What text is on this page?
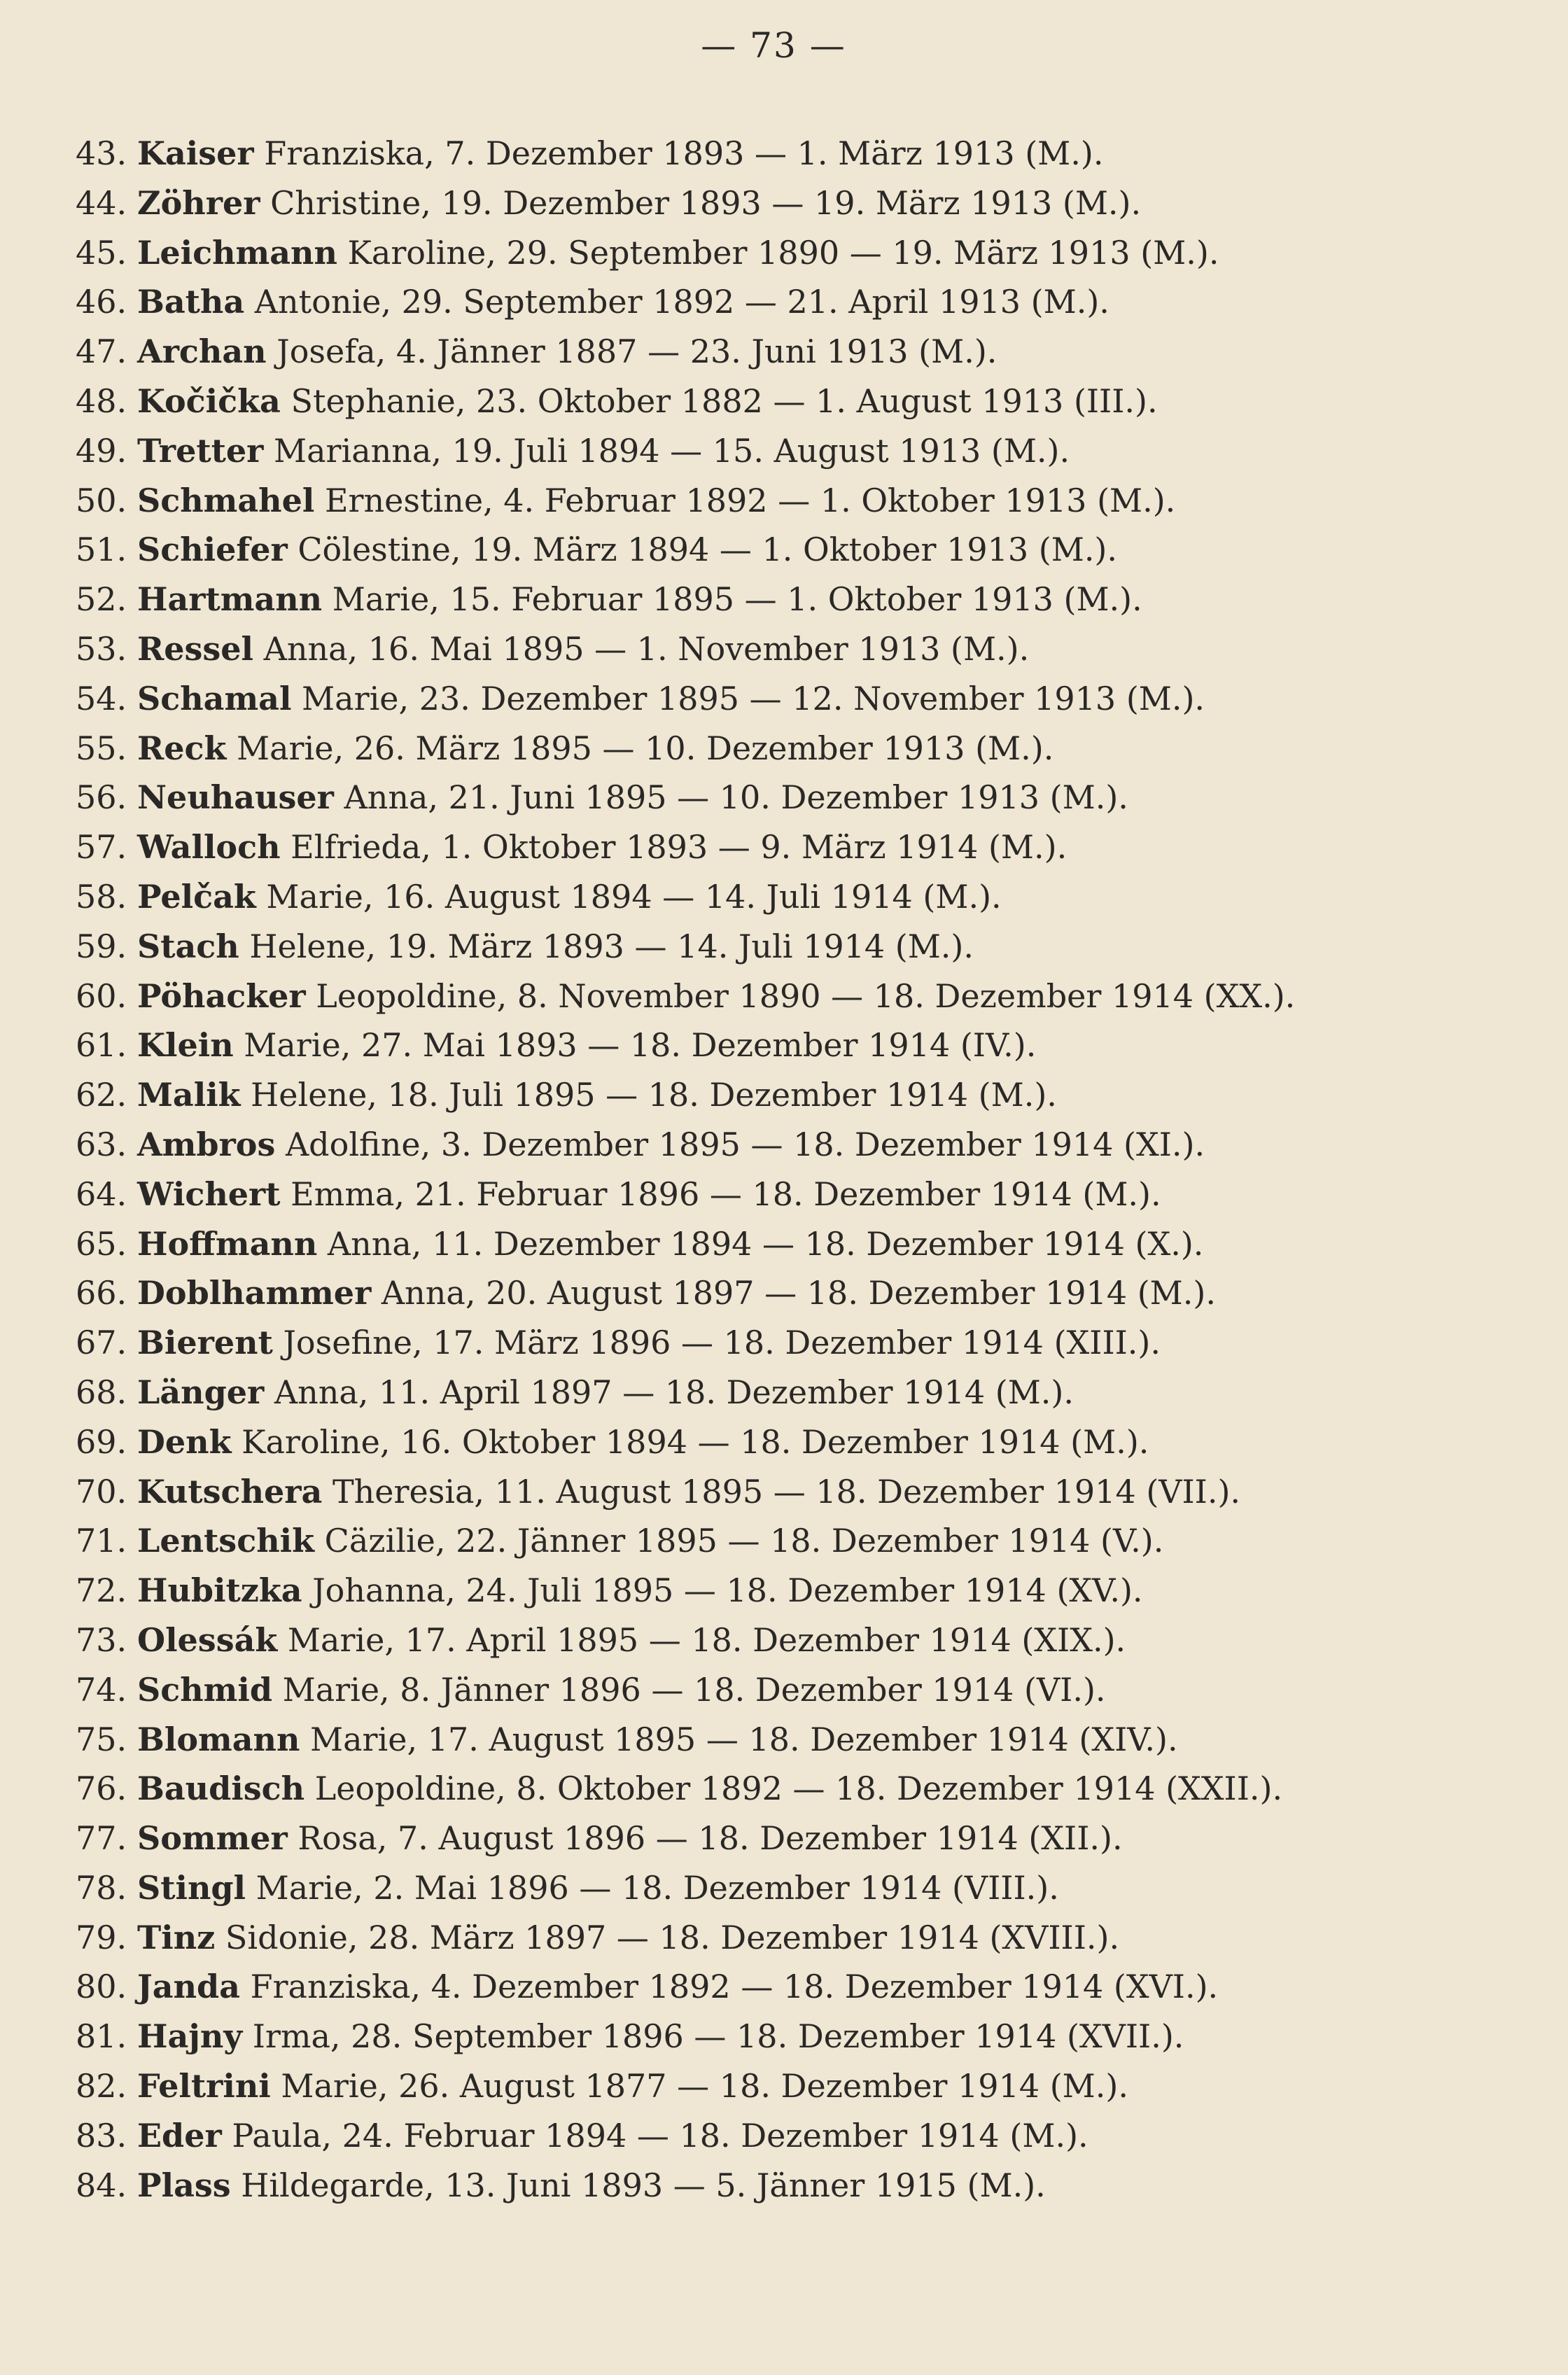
— 73 —
43. Kaiser Franziska, 7. Dezember 1893 — 1. März 1913 (M.).
44. Zöhrer Christine, 19. Dezember 1893 — 19. März 1913 (M.).
45. Leichmann Karoline, 29. September 1890 — 19. März 1913 (M.).
46. Batha Antonie, 29. September 1892 — 21. April 1913 (M.).
47. Archan Josefa, 4. Jänner 1887 — 23. Juni 1913 (M.).
48. Kočička Stephanie, 23. Oktober 1882 — 1. August 1913 (III.).
49. Tretter Marianna, 19. Juli 1894 — 15. August 1913 (M.).
50. Schmahel Ernestine, 4. Februar 1892 — 1. Oktober 1913 (M.).
51. Schiefer Cölestine, 19. März 1894 — 1. Oktober 1913 (M.).
52. Hartmann Marie, 15. Februar 1895 — 1. Oktober 1913 (M.).
53. Ressel Anna, 16. Mai 1895 — 1. November 1913 (M.).
54. Schamal Marie, 23. Dezember 1895 — 12. November 1913 (M.).
55. Reck Marie, 26. März 1895 — 10. Dezember 1913 (M.).
56. Neuhauser Anna, 21. Juni 1895 — 10. Dezember 1913 (M.).
57. Walloch Elfrieda, 1. Oktober 1893 — 9. März 1914 (M.).
58. Pelčak Marie, 16. August 1894 — 14. Juli 1914 (M.).
59. Stach Helene, 19. März 1893 — 14. Juli 1914 (M.).
60. Pöhacker Leopoldine, 8. November 1890 — 18. Dezember 1914 (XX.).
61. Klein Marie, 27. Mai 1893 — 18. Dezember 1914 (IV.).
62. Malik Helene, 18. Juli 1895 — 18. Dezember 1914 (M.).
63. Ambros Adolfine, 3. Dezember 1895 — 18. Dezember 1914 (XI.).
64. Wichert Emma, 21. Februar 1896 — 18. Dezember 1914 (M.).
65. Hoffmann Anna, 11. Dezember 1894 — 18. Dezember 1914 (X.).
66. Doblhammer Anna, 20. August 1897 — 18. Dezember 1914 (M.).
67. Bierent Josefine, 17. März 1896 — 18. Dezember 1914 (XIII.).
68. Länger Anna, 11. April 1897 — 18. Dezember 1914 (M.).
69. Denk Karoline, 16. Oktober 1894 — 18. Dezember 1914 (M.).
70. Kutschera Theresia, 11. August 1895 — 18. Dezember 1914 (VII.).
71. Lentschik Cäzilie, 22. Jänner 1895 — 18. Dezember 1914 (V.).
72. Hubitzka Johanna, 24. Juli 1895 — 18. Dezember 1914 (XV.).
73. Olessák Marie, 17. April 1895 — 18. Dezember 1914 (XIX.).
74. Schmid Marie, 8. Jänner 1896 — 18. Dezember 1914 (VI.).
75. Blomann Marie, 17. August 1895 — 18. Dezember 1914 (XIV.).
76. Baudisch Leopoldine, 8. Oktober 1892 — 18. Dezember 1914 (XXII.).
77. Sommer Rosa, 7. August 1896 — 18. Dezember 1914 (XII.).
78. Stingl Marie, 2. Mai 1896 — 18. Dezember 1914 (VIII.).
79. Tinz Sidonie, 28. März 1897 — 18. Dezember 1914 (XVIII.).
80. Janda Franziska, 4. Dezember 1892 — 18. Dezember 1914 (XVI.).
81. Hajny Irma, 28. September 1896 — 18. Dezember 1914 (XVII.).
82. Feltrini Marie, 26. August 1877 — 18. Dezember 1914 (M.).
83. Eder Paula, 24. Februar 1894 — 18. Dezember 1914 (M.).
84. Plass Hildegarde, 13. Juni 1893 — 5. Jänner 1915 (M.).
